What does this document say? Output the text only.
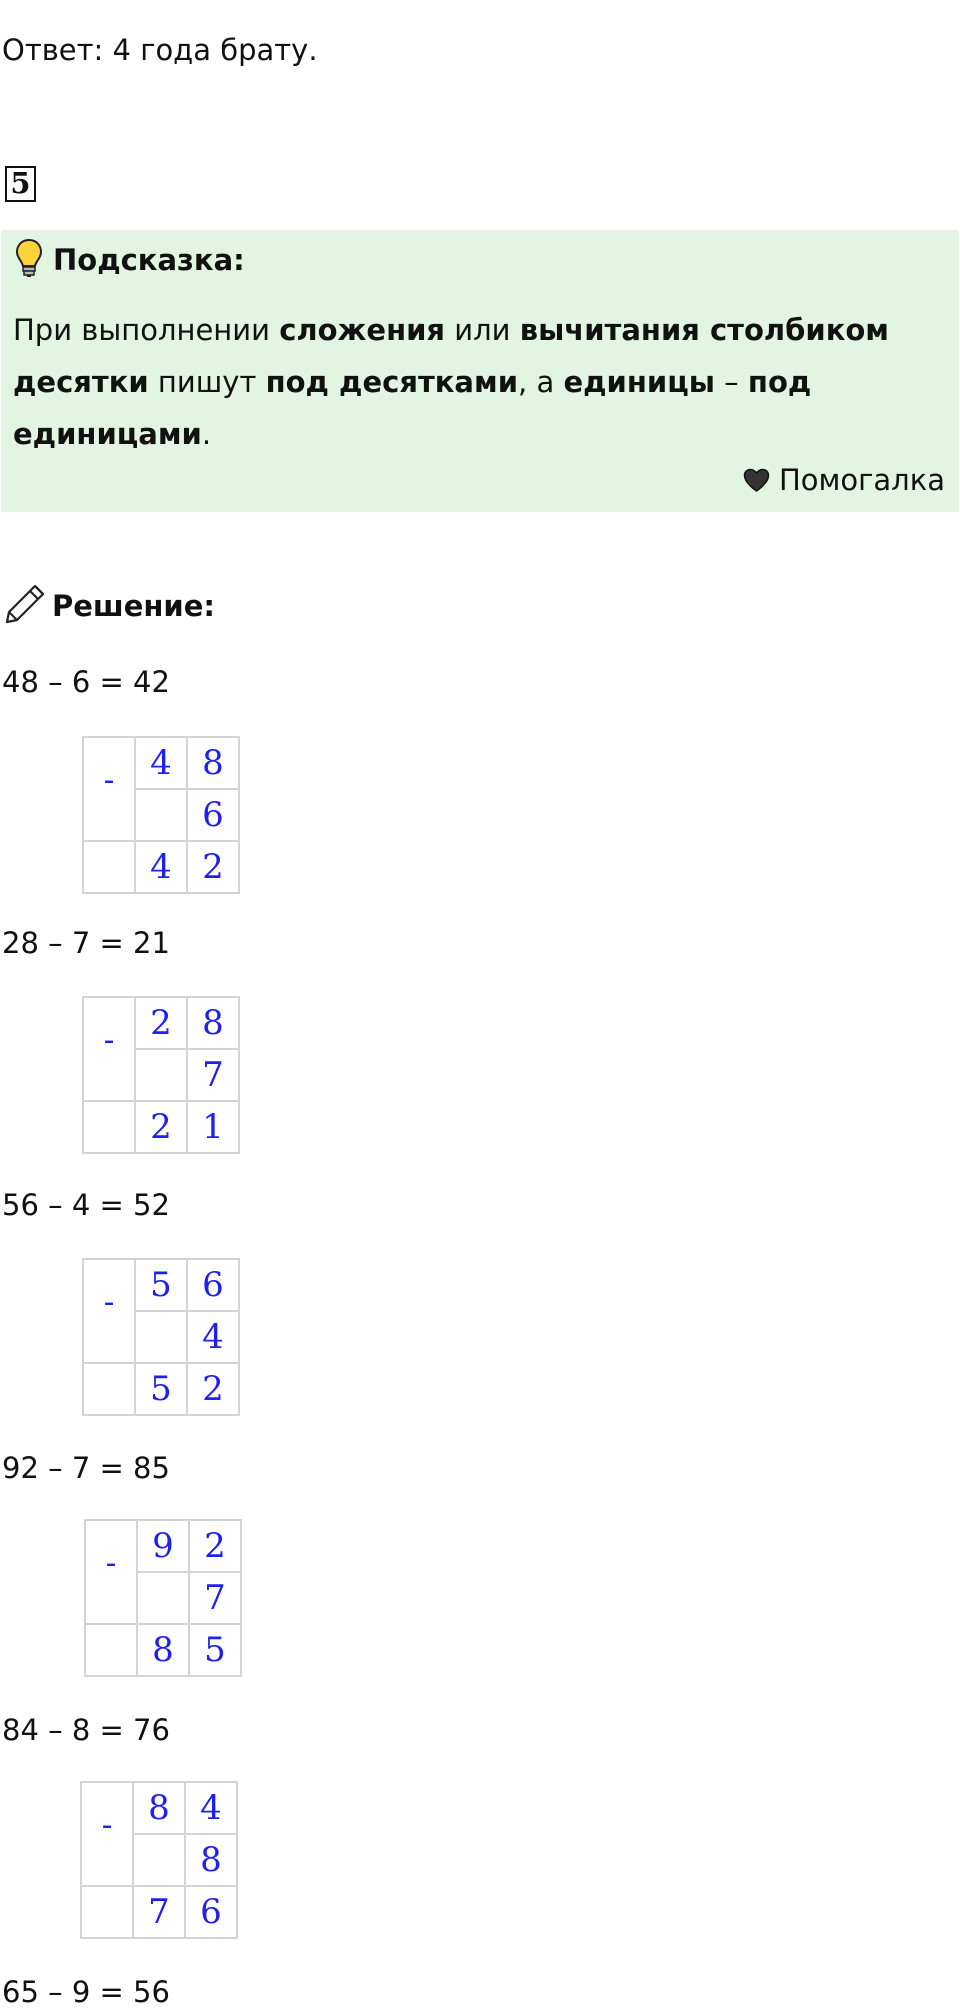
Ответ: 4 года брату.
5
Подсказка:
При выполнении сложения или вычитания столбиком десятки пишут под десятками, а единицы – под единицами.
Помогалка
Решение:
48 – 6 = 42
-	4	8
		6
	4	2
28 – 7 = 21
-	2	8
		7
	2	1
56 – 4 = 52
-	5	6
		4
	5	2
92 – 7 = 85
-	9	2
		7
	8	5
84 – 8 = 76
-	8	4
		8
	7	6
65 – 9 = 56
